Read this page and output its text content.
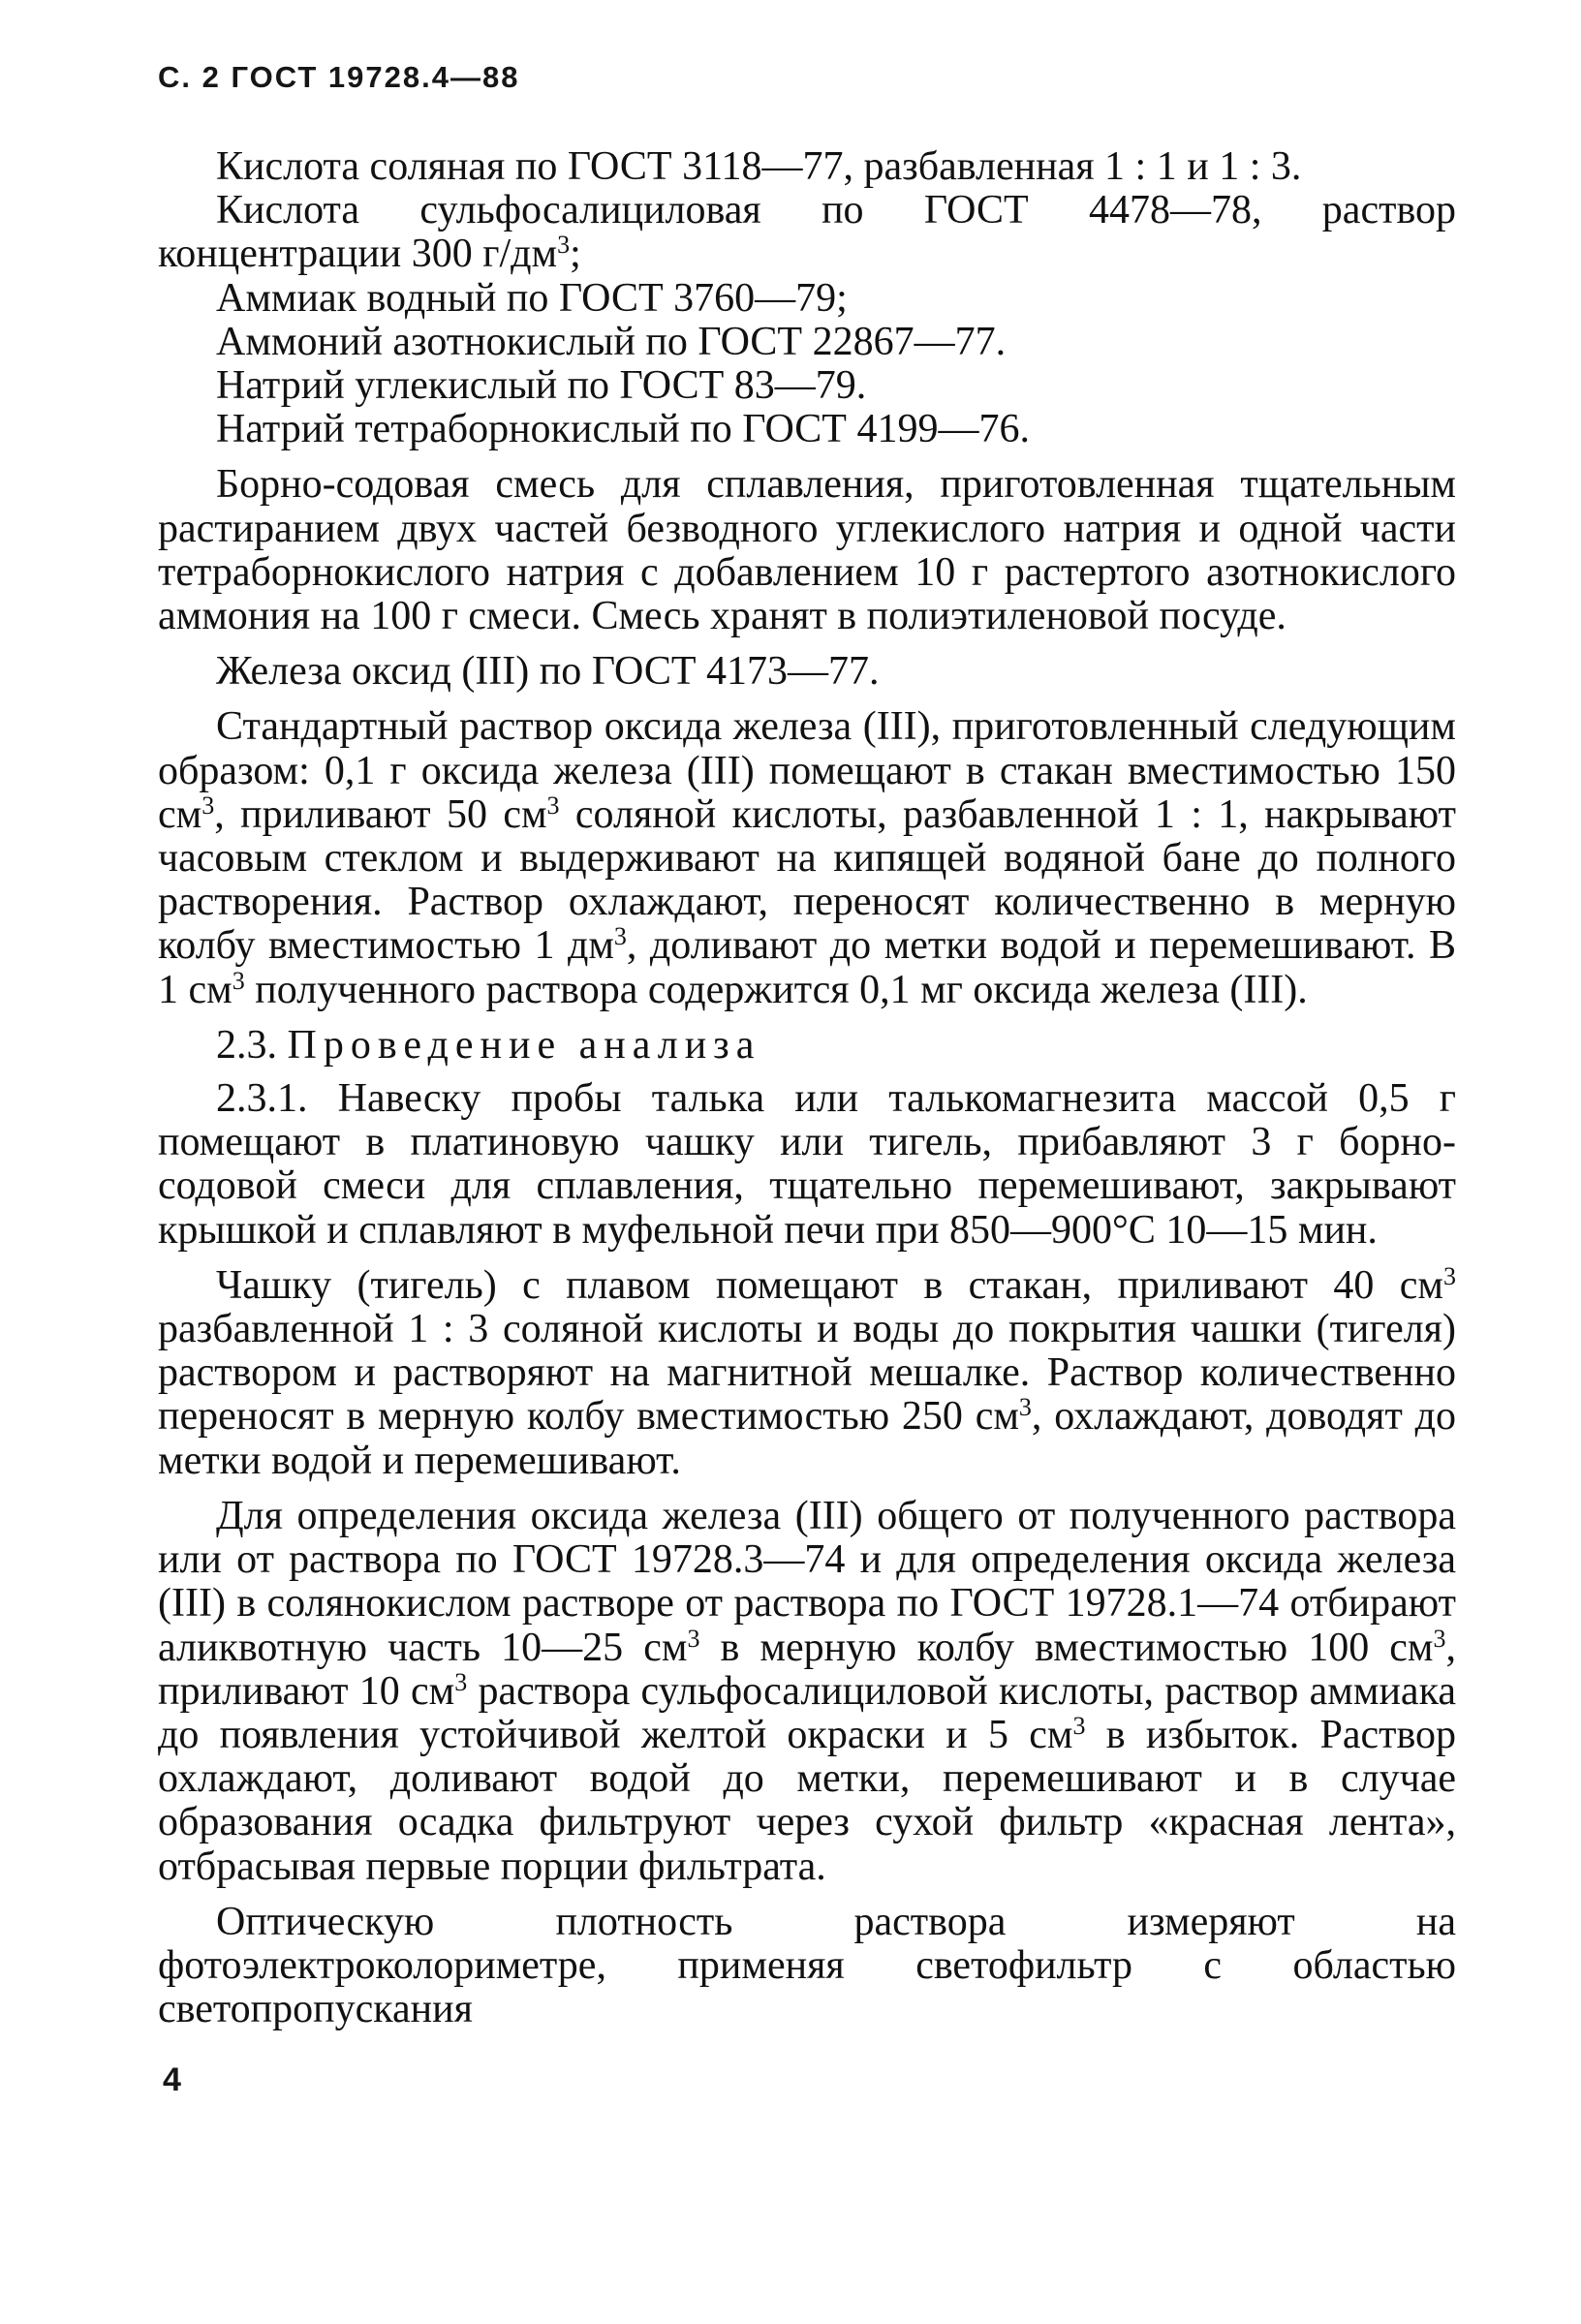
С. 2 ГОСТ 19728.4—88

Кислота соляная по ГОСТ 3118—77, разбавленная 1 : 1 и 1 : 3.

Кислота сульфосалициловая по ГОСТ 4478—78, раствор концентрации 300 $г/дм^3$;

Аммиак водный по ГОСТ 3760—79;

Аммоний азотнокислый по ГОСТ 22867—77.

Натрий углекислый по ГОСТ 83—79.

Натрий тетраборнокислый по ГОСТ 4199—76.

Борно-содовая смесь для сплавления, приготовленная тщательным растиранием двух частей безводного углекислого натрия и одной части тетраборнокислого натрия с добавлением 10 г растертого азотнокислого аммония на 100 г смеси. Смесь хранят в полиэтиленовой посуде.

Железа оксид (III) по ГОСТ 4173—77.

Стандартный раствор оксида железа (III), приготовленный следующим образом: 0,1 г оксида железа (III) помещают в стакан вместимостью 150 $см^3$, приливают 50 $см^3$ соляной кислоты, разбавленной 1 : 1, накрывают часовым стеклом и выдерживают на кипящей водяной бане до полного растворения. Раствор охлаждают, переносят количественно в мерную колбу вместимостью 1 $дм^3$, доливают до метки водой и перемешивают. В 1 $см^3$ полученного раствора содержится 0,1 мг оксида железа (III).

2.3. Проведение анализа

2.3.1. Навеску пробы талька или талькомагнезита массой 0,5 г помещают в платиновую чашку или тигель, прибавляют 3 г борно-содовой смеси для сплавления, тщательно перемешивают, закрывают крышкой и сплавляют в муфельной печи при 850—900°С 10—15 мин.

Чашку (тигель) с плавом помещают в стакан, приливают 40 $см^3$ разбавленной 1 : 3 соляной кислоты и воды до покрытия чашки (тигеля) раствором и растворяют на магнитной мешалке. Раствор количественно переносят в мерную колбу вместимостью 250 $см^3$, охлаждают, доводят до метки водой и перемешивают.

Для определения оксида железа (III) общего от полученного раствора или от раствора по ГОСТ 19728.3—74 и для определения оксида железа (III) в солянокислом растворе от раствора по ГОСТ 19728.1—74 отбирают аликвотную часть 10—25 $см^3$ в мерную колбу вместимостью 100 $см^3$, приливают 10 $см^3$ раствора сульфосалициловой кислоты, раствор аммиака до появления устойчивой желтой окраски и 5 $см^3$ в избыток. Раствор охлаждают, доливают водой до метки, перемешивают и в случае образования осадка фильтруют через сухой фильтр «красная лента», отбрасывая первые порции фильтрата.

Оптическую плотность раствора измеряют на фотоэлектроколориметре, применяя светофильтр с областью светопропускания

4
